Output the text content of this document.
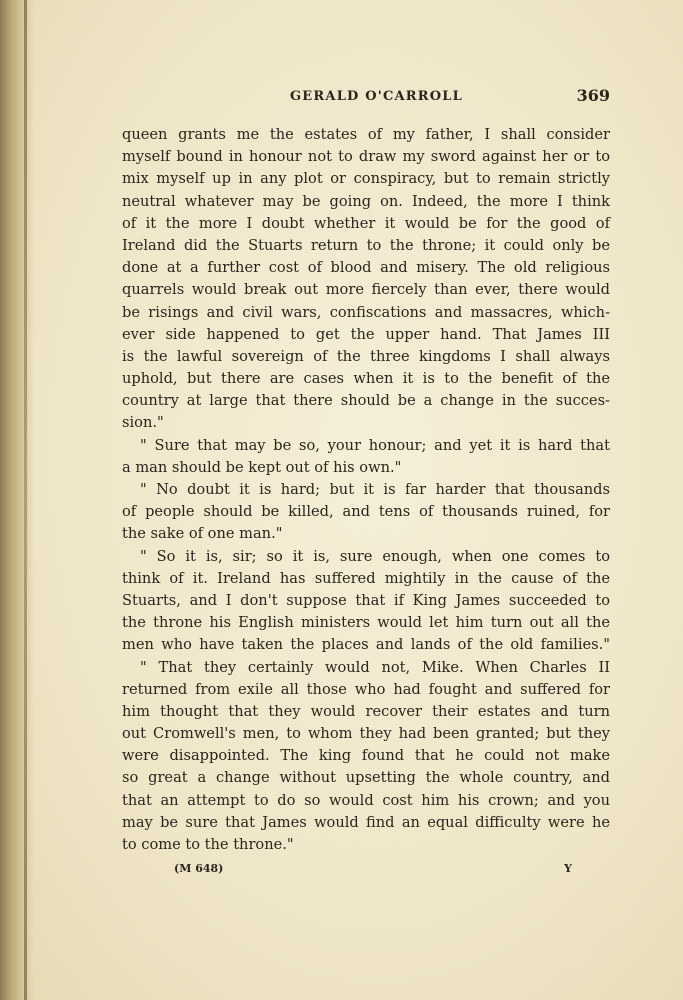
GERALD O'CARROLL	369
queen grants me the estates of my father, I shall consider
myself bound in honour not to draw my sword against her or to
mix myself up in any plot or conspiracy, but to remain strictly
neutral whatever may be going on. Indeed, the more I think
of it the more I doubt whether it would be for the good of
Ireland did the Stuarts return to the throne; it could only be
done at a further cost of blood and misery. The old religious
quarrels would break out more fiercely than ever, there would
be risings and civil wars, confiscations and massacres, which-
ever side happened to get the upper hand. That James III
is the lawful sovereign of the three kingdoms I shall always
uphold, but there are cases when it is to the benefit of the
country at large that there should be a change in the succes-
sion."
" Sure that may be so, your honour; and yet it is hard that
a man should be kept out of his own."
" No doubt it is hard; but it is far harder that thousands
of people should be killed, and tens of thousands ruined, for
the sake of one man."
" So it is, sir; so it is, sure enough, when one comes to
think of it. Ireland has suffered mightily in the cause of the
Stuarts, and I don't suppose that if King James succeeded to
the throne his English ministers would let him turn out all the
men who have taken the places and lands of the old families."
" That they certainly would not, Mike. When Charles II
returned from exile all those who had fought and suffered for
him thought that they would recover their estates and turn
out Cromwell's men, to whom they had been granted; but they
were disappointed. The king found that he could not make
so great a change without upsetting the whole country, and
that an attempt to do so would cost him his crown; and you
may be sure that James would find an equal difficulty were he
to come to the throne."
(M 648)	Y
